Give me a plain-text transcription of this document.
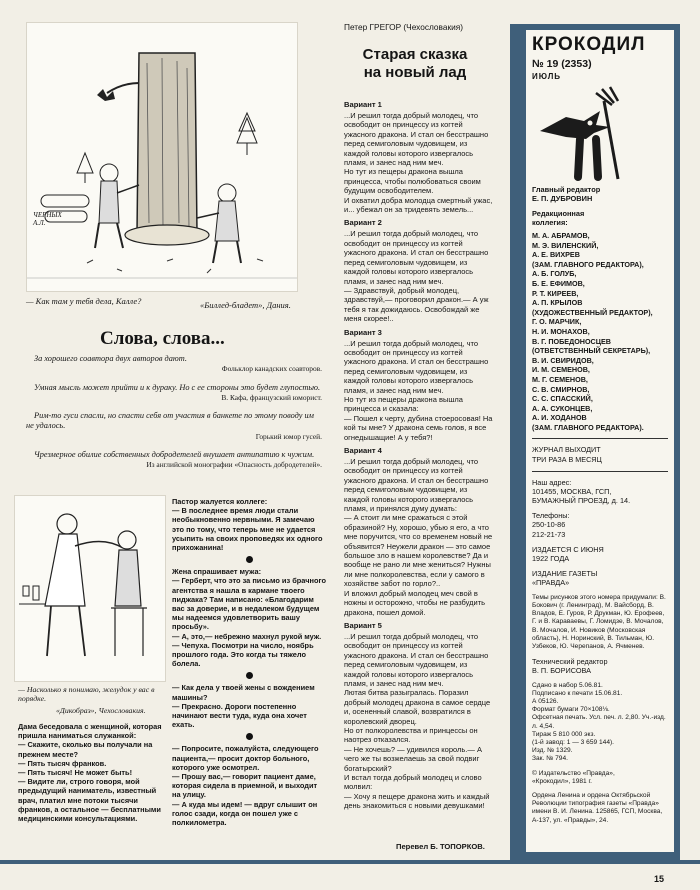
ЧЕРНЫХ
А.Л.
— Как там у тебя дела, Калле?	«Биллед-бладет», Дания.
Слова, слова...

За хорошего соавтора двух авторов дают.

Фольклор канадских соавторов.

Умная мысль может прийти и к дураку. Но с ее стороны это будет глупостью.

В. Кафа, французский юморист.

Рим-то гуси спасли, но спасти себя от участия в банкете по этому поводу им не удалось.

Горький юмор гусей.

Чрезмерное обилие собственных добродетелей внушает антипатию к чужим.

Из английской монографии «Опасность добродетелей».

— Насколько я понимаю, желудок у вас в порядке.
«Дикобраз», Чехословакия.

Пастор жалуется коллеге:
— В последнее время люди стали необыкновенно нервными. Я замечаю это по тому, что теперь мне не удается усыпить на своих проповедях их одного прихожанина!

Жена спрашивает мужа:
— Герберт, что это за письмо из брачного агентства я нашла в кармане твоего пиджака? Там написано: «Благодарим вас за доверие, и в недалеком будущем мы надеемся удовлетворить вашу просьбу».
— А, это,— небрежно махнул рукой муж.— Чепуха. Посмотри на число, ноябрь прошлого года. Это когда ты тяжело болела.

— Как дела у твоей жены с вождением машины?
— Прекрасно. Дороги постепенно начинают вести туда, куда она хочет ехать.

— Попросите, пожалуйста, следующего пациента,— просит доктор больного, которого уже осмотрел.
— Прошу вас,— говорит пациент даме, которая сидела в приемной, и выходит на улицу.
— А куда мы идем! — вдруг слышит он голос сзади, когда он пошел уже с полкилометра.

Дама беседовала с женщиной, которая пришла наниматься служанкой:
— Скажите, сколько вы получали на прежнем месте?
— Пять тысяч франков.
— Пять тысяч! Не может быть!
— Видите ли, строго говоря, мой предыдущий наниматель, известный врач, платил мне потоки тысячи франков, а остальное — бесплатными медицинскими консультациями.

Петер ГРЕГОР (Чехословакия)
Старая сказка
на новый лад
Вариант 1

...И решил тогда добрый молодец, что освободит он принцессу из когтей ужасного дракона. И стал он бесстрашно перед семиголовым чудовищем, из каждой головы которого извергалось пламя, и занес над ним меч.
Но тут из пещеры дракона вышла принцесса, чтобы полюбоваться своим будущим освободителем.
И охватил добра молодца смертный ужас, и... убежал он за тридевять земель...

Вариант 2

...И решил тогда добрый молодец, что освободит он принцессу из когтей ужасного дракона. И стал он бесстрашно перед семиголовым чудовищем, из каждой головы которого извергалось пламя, и занес над ним меч.
— Здравствуй, добрый молодец, здравствуй,— проговорил дракон.— А уж тебя я так дожидаюсь. Освобождай же меня скорее!..

Вариант 3

...И решил тогда добрый молодец, что освободит он принцессу из когтей ужасного дракона. И стал он бесстрашно перед семиголовым чудовищем, из каждой головы которого извергалось пламя, и занес над ним меч.
Но тут из пещеры дракона вышла принцесса и сказала:
— Пошел к черту, дубина стоеросовая! На кой ты мне? У дракона семь голов, я все огнедышащие! А у тебя?!

Вариант 4

...И решил тогда добрый молодец, что освободит он принцессу из когтей ужасного дракона. И стал он бесстрашно перед семиголовым чудовищем, из каждой головы которого извергалось пламя, и принялся думу думать:
— А стоит ли мне сражаться с этой образиной? Ну, хорошо, убью я его, а что мне поручится, что со временем новый не объявится? Неужели дракон — это самое большое зло в нашем королевстве? Да и вообще не рано ли мне жениться? Нужны ли мне полкоролевства, если у самого в хозяйстве забот по горло?..
И вложил добрый молодец меч свой в ножны и осторожно, чтобы не разбудить дракона, пошел домой.

Вариант 5

...И решил тогда добрый молодец, что освободит он принцессу из когтей ужасного дракона. И стал он бесстрашно перед семиголовым чудовищем, из каждой головы которого извергалось пламя, и занес над ним меч.
Лютая битва разыгралась. Поразил добрый молодец дракона в самое сердце и, осененный славой, возвратился в королевский дворец.
Но от полкоролевства и принцессы он наотрез отказался.
— Не хочешь? — удивился король.— А чего же ты возжелаешь за свой подвиг богатырский?
И встал тогда добрый молодец и слово молвил:
— Хочу я пещере дракона жить и каждый день знакомиться с новыми девушками!

Перевел Б. ТОПОРКОВ.
КРОКОДИЛ
№ 19 (2353)
ИЮЛЬ
Главный редактор
Е. П. ДУБРОВИН
Редакционная
коллегия:
М. А. АБРАМОВ,
М. Э. ВИЛЕНСКИЙ,
А. Е. ВИХРЕВ
(ЗАМ. ГЛАВНОГО РЕДАКТОРА),
А. Б. ГОЛУБ,
Б. Е. ЕФИМОВ,
Р. Т. КИРЕЕВ,
А. П. КРЫЛОВ
(ХУДОЖЕСТВЕННЫЙ РЕДАКТОР),
Г. О. МАРЧИК,
Н. И. МОНАХОВ,
В. Г. ПОБЕДОНОСЦЕВ
(ОТВЕТСТВЕННЫЙ СЕКРЕТАРЬ),
В. И. СВИРИДОВ,
И. М. СЕМЕНОВ,
М. Г. СЕМЕНОВ,
С. В. СМИРНОВ,
С. С. СПАССКИЙ,
А. А. СУКОНЦЕВ,
А. И. ХОДАНОВ
(ЗАМ. ГЛАВНОГО РЕДАКТОРА).
ЖУРНАЛ ВЫХОДИТ
ТРИ РАЗА В МЕСЯЦ
Наш адрес:
101455, МОСКВА, ГСП,
БУМАЖНЫЙ ПРОЕЗД, д. 14.
Телефоны:
250-10-86
212-21-73
ИЗДАЕТСЯ С ИЮНЯ
1922 ГОДА
ИЗДАНИЕ ГАЗЕТЫ
«ПРАВДА»
Темы рисунков этого номера придумали: В. Бокович (г. Ленинград), М. Вайсборд, В. Владов, Е. Гуров, Р. Друкман, Ю. Ерофеев, Г. и В. Караваевы, Г. Ломидзе, В. Мочалов, В. Мочалов, И. Новиков (Московская область), Н. Норинский, В. Тильман, Ю. Узбеков, Ю. Черепанов, А. Ячменев.
Технический редактор
В. П. БОРИСОВА
Сдано в набор 5.06.81.
Подписано к печати 15.06.81.
А 05126.
Формат бумаги 70×108⅛.
Офсетная печать. Усл. печ. л. 2,80. Уч.-изд. л. 4,54.
Тираж 5 810 000 экз.
(1-й завод: 1 — 3 659 144).
Изд. № 1329.
Зак. № 794.
© Издательство «Правда»,
«Крокодил», 1981 г.
Ордена Ленина и ордена Октябрьской Революции типография газеты «Правда» имени В. И. Ленина. 125865, ГСП, Москва, А-137, ул. «Правды», 24.
15
